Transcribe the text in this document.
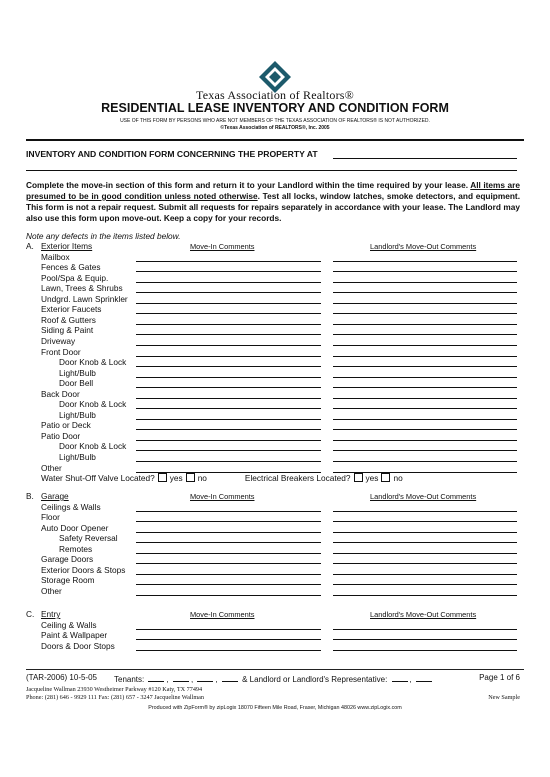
Texas Association of Realtors®
RESIDENTIAL LEASE INVENTORY AND CONDITION FORM
USE OF THIS FORM BY PERSONS WHO ARE NOT MEMBERS OF THE TEXAS ASSOCIATION OF REALTORS® IS NOT AUTHORIZED.
©Texas Association of REALTORS®, Inc. 2005
INVENTORY AND CONDITION FORM CONCERNING THE PROPERTY AT
Complete the move-in section of this form and return it to your Landlord within the time required by your lease. All items are presumed to be in good condition unless noted otherwise. Test all locks, window latches, smoke detectors, and equipment. This form is not a repair request. Submit all requests for repairs separately in accordance with your lease. The Landlord may also use this form upon move-out. Keep a copy for your records.
Note any defects in the items listed below.
A. Exterior Items	Move-In Comments	Landlord's Move-Out Comments
Mailbox
Fences & Gates
Pool/Spa & Equip.
Lawn, Trees & Shrubs
Undgrd. Lawn Sprinkler
Exterior Faucets
Roof & Gutters
Siding & Paint
Driveway
Front Door
Door Knob & Lock
Light/Bulb
Door Bell
Back Door
Door Knob & Lock
Light/Bulb
Patio or Deck
Patio Door
Door Knob & Lock
Light/Bulb
Other
Water Shut-Off Valve Located? yes no	Electrical Breakers Located? yes no
B. Garage	Move-In Comments	Landlord's Move-Out Comments
Ceilings & Walls
Floor
Auto Door Opener
Safety Reversal
Remotes
Garage Doors
Exterior Doors & Stops
Storage Room
Other
C. Entry	Move-In Comments	Landlord's Move-Out Comments
Ceiling & Walls
Paint & Wallpaper
Doors & Door Stops
(TAR-2006) 10-5-05 Tenants:	,	,	,	& Landlord or Landlord's Representative:	,	Page 1 of 6
Jacqueline Wallman 23930 Westheimer Parkway #120 Katy, TX 77494
Phone: (281) 646 - 9929 111 Fax: (281) 657 - 3247 Jacqueline Wallman	New Sample
Produced with ZipForm® by zipLogix 18070 Fifteen Mile Road, Fraser, Michigan 48026 www.zipLogix.com
